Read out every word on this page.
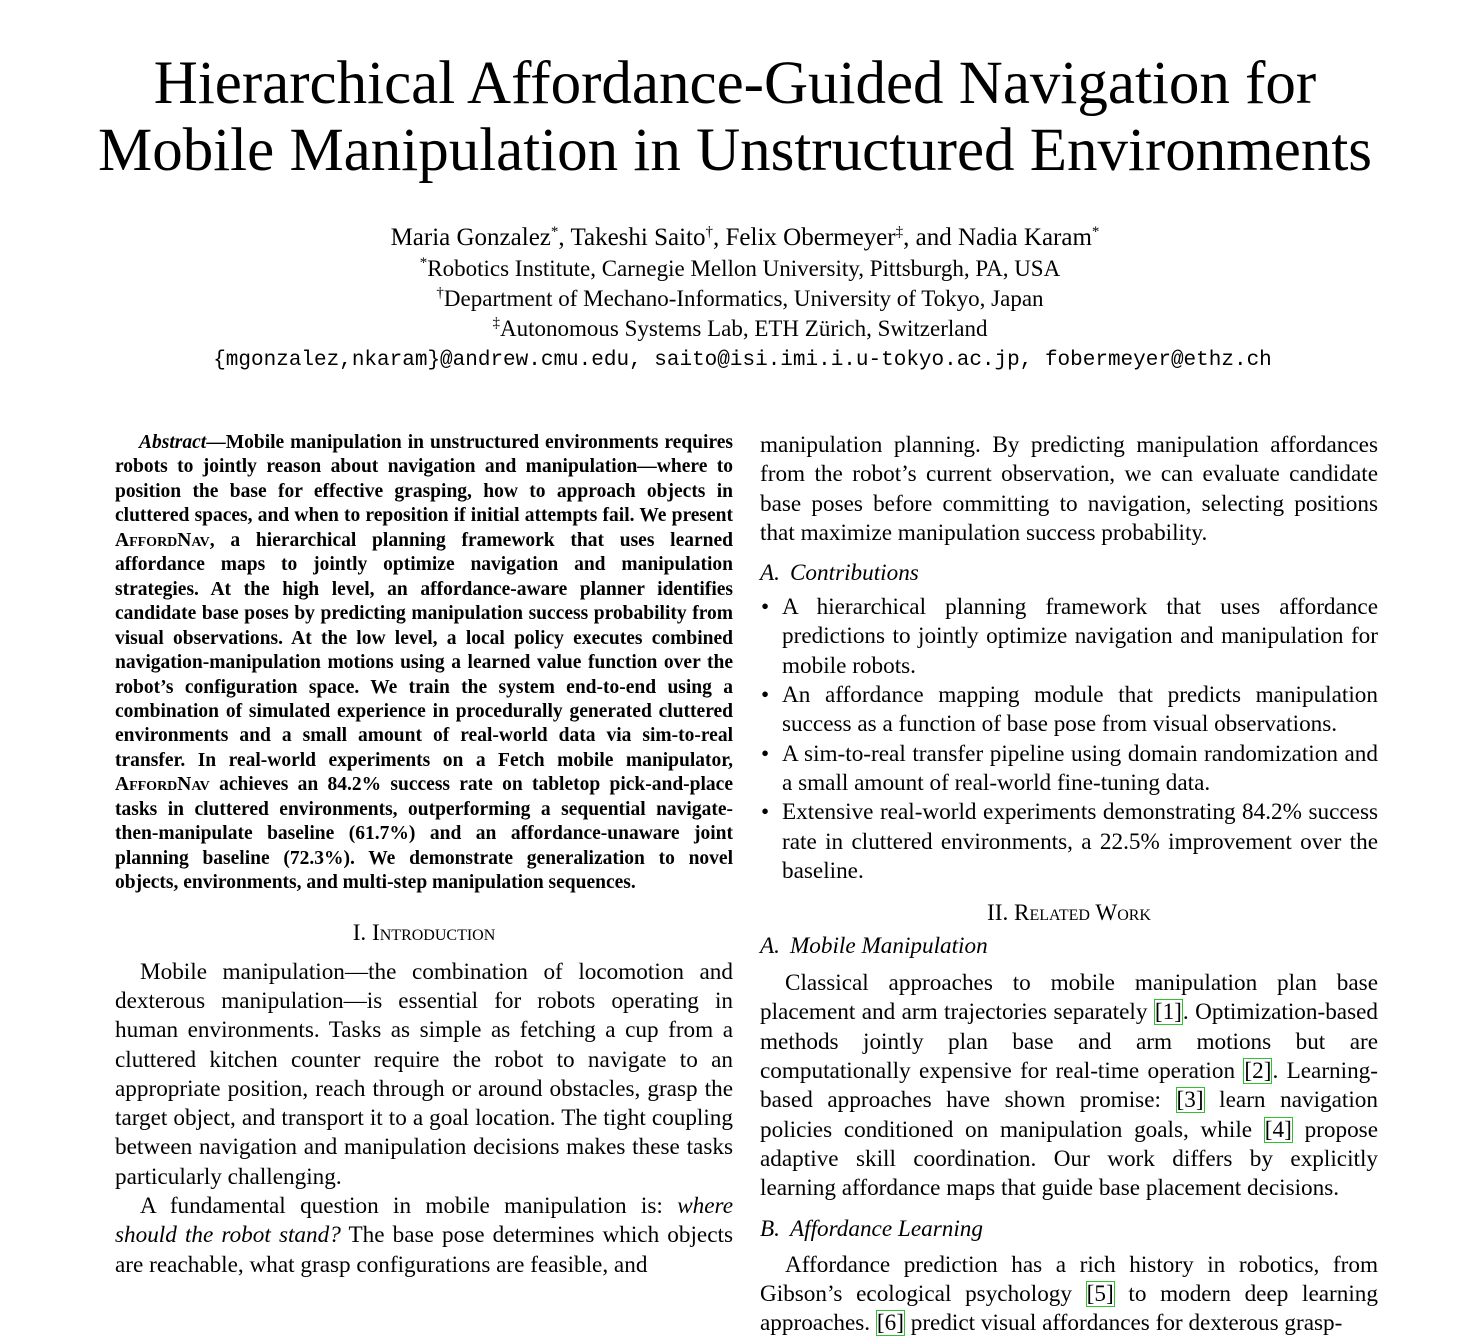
Hierarchical Affordance-Guided Navigation for
Mobile Manipulation in Unstructured Environments
Maria Gonzalez*, Takeshi Saito†, Felix Obermeyer‡, and Nadia Karam*
*Robotics Institute, Carnegie Mellon University, Pittsburgh, PA, USA
†Department of Mechano-Informatics, University of Tokyo, Japan
‡Autonomous Systems Lab, ETH Zürich, Switzerland
{mgonzalez,nkaram}@andrew.cmu.edu, saito@isi.imi.i.u-tokyo.ac.jp, fobermeyer@ethz.ch

Abstract—Mobile manipulation in unstructured environments requires robots to jointly reason about navigation and manipulation—where to position the base for effective grasping, how to approach objects in cluttered spaces, and when to reposition if initial attempts fail. We present AffordNav, a hierarchical planning framework that uses learned affordance maps to jointly optimize navigation and manipulation strategies. At the high level, an affordance-aware planner identifies candidate base poses by predicting manipulation success probability from visual observations. At the low level, a local policy executes combined navigation-manipulation motions using a learned value function over the robot’s configuration space. We train the system end-to-end using a combination of simulated experience in procedurally generated cluttered environments and a small amount of real-world data via sim-to-real transfer. In real-world experiments on a Fetch mobile manipulator, AffordNav achieves an 84.2% success rate on tabletop pick-and-place tasks in cluttered environments, outperforming a sequential navigate-then-manipulate baseline (61.7%) and an affordance-unaware joint planning baseline (72.3%). We demonstrate generalization to novel objects, environments, and multi-step manipulation sequences.

I. Introduction

Mobile manipulation—the combination of locomotion and dexterous manipulation—is essential for robots operating in human environments. Tasks as simple as fetching a cup from a cluttered kitchen counter require the robot to navigate to an appropriate position, reach through or around obstacles, grasp the target object, and transport it to a goal location. The tight coupling between navigation and manipulation decisions makes these tasks particularly challenging.

A fundamental question in mobile manipulation is: where should the robot stand? The base pose determines which objects are reachable, what grasp configurations are feasible, and

manipulation planning. By predicting manipulation affordances from the robot’s current observation, we can evaluate candidate base poses before committing to navigation, selecting positions that maximize manipulation success probability.

A. Contributions
• A hierarchical planning framework that uses affordance predictions to jointly optimize navigation and manipulation for mobile robots.
• An affordance mapping module that predicts manipulation success as a function of base pose from visual observations.
• A sim-to-real transfer pipeline using domain randomization and a small amount of real-world fine-tuning data.
• Extensive real-world experiments demonstrating 84.2% success rate in cluttered environments, a 22.5% improvement over the baseline.
II. Related Work
A. Mobile Manipulation

Classical approaches to mobile manipulation plan base placement and arm trajectories separately [1]. Optimization-based methods jointly plan base and arm motions but are computationally expensive for real-time operation [2]. Learning-based approaches have shown promise: [3] learn navigation policies conditioned on manipulation goals, while [4] propose adaptive skill coordination. Our work differs by explicitly learning affordance maps that guide base placement decisions.

B. Affordance Learning

Affordance prediction has a rich history in robotics, from Gibson’s ecological psychology [5] to modern deep learning approaches. [6] predict visual affordances for dexterous grasp-
